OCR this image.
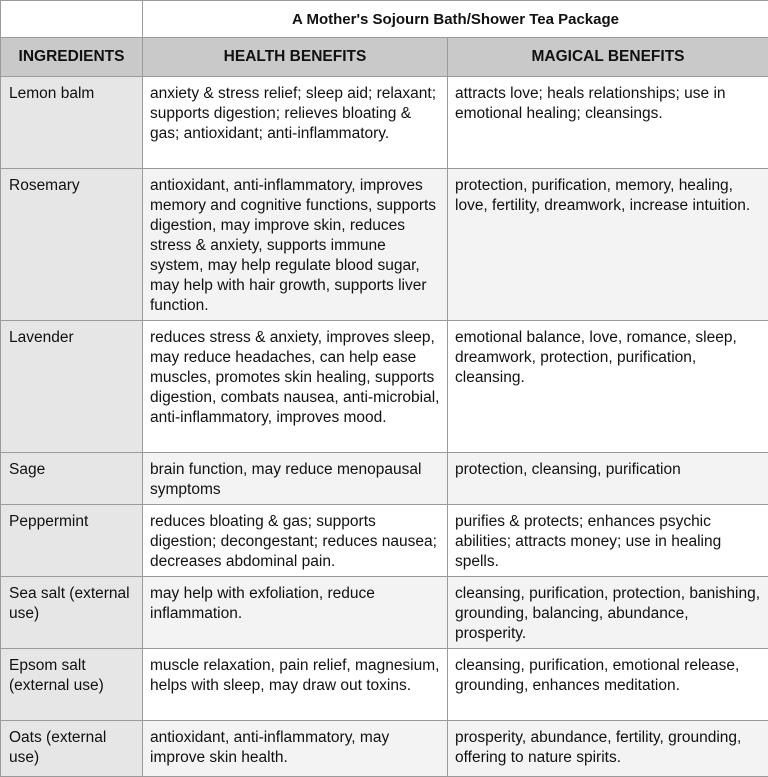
	A Mother's Sojourn Bath/Shower Tea Package	
INGREDIENTS	HEALTH BENEFITS	MAGICAL BENEFITS
Lemon balm	anxiety & stress relief; sleep aid; relaxant; supports digestion; relieves bloating & gas; antioxidant; anti-inflammatory.	attracts love; heals relationships; use in emotional healing; cleansings.
Rosemary	antioxidant, anti-inflammatory, improves memory and cognitive functions, supports digestion, may improve skin, reduces stress & anxiety, supports immune system, may help regulate blood sugar, may help with hair growth, supports liver function.	protection, purification, memory, healing, love, fertility, dreamwork, increase intuition.
Lavender	reduces stress & anxiety, improves sleep, may reduce headaches, can help ease muscles, promotes skin healing, supports digestion, combats nausea, anti-microbial, anti-inflammatory, improves mood.	emotional balance, love, romance, sleep, dreamwork, protection, purification, cleansing.
Sage	brain function, may reduce menopausal symptoms	protection, cleansing, purification
Peppermint	reduces bloating & gas; supports digestion; decongestant; reduces nausea; decreases abdominal pain.	purifies & protects; enhances psychic abilities; attracts money; use in healing spells.
Sea salt (external use)	may help with exfoliation, reduce inflammation.	cleansing, purification, protection, banishing, grounding, balancing, abundance, prosperity.
Epsom salt (external use)	muscle relaxation, pain relief, magnesium, helps with sleep, may draw out toxins.	cleansing, purification, emotional release, grounding, enhances meditation.
Oats (external use)	antioxidant, anti-inflammatory, may improve skin health.	prosperity, abundance, fertility, grounding, offering to nature spirits.
